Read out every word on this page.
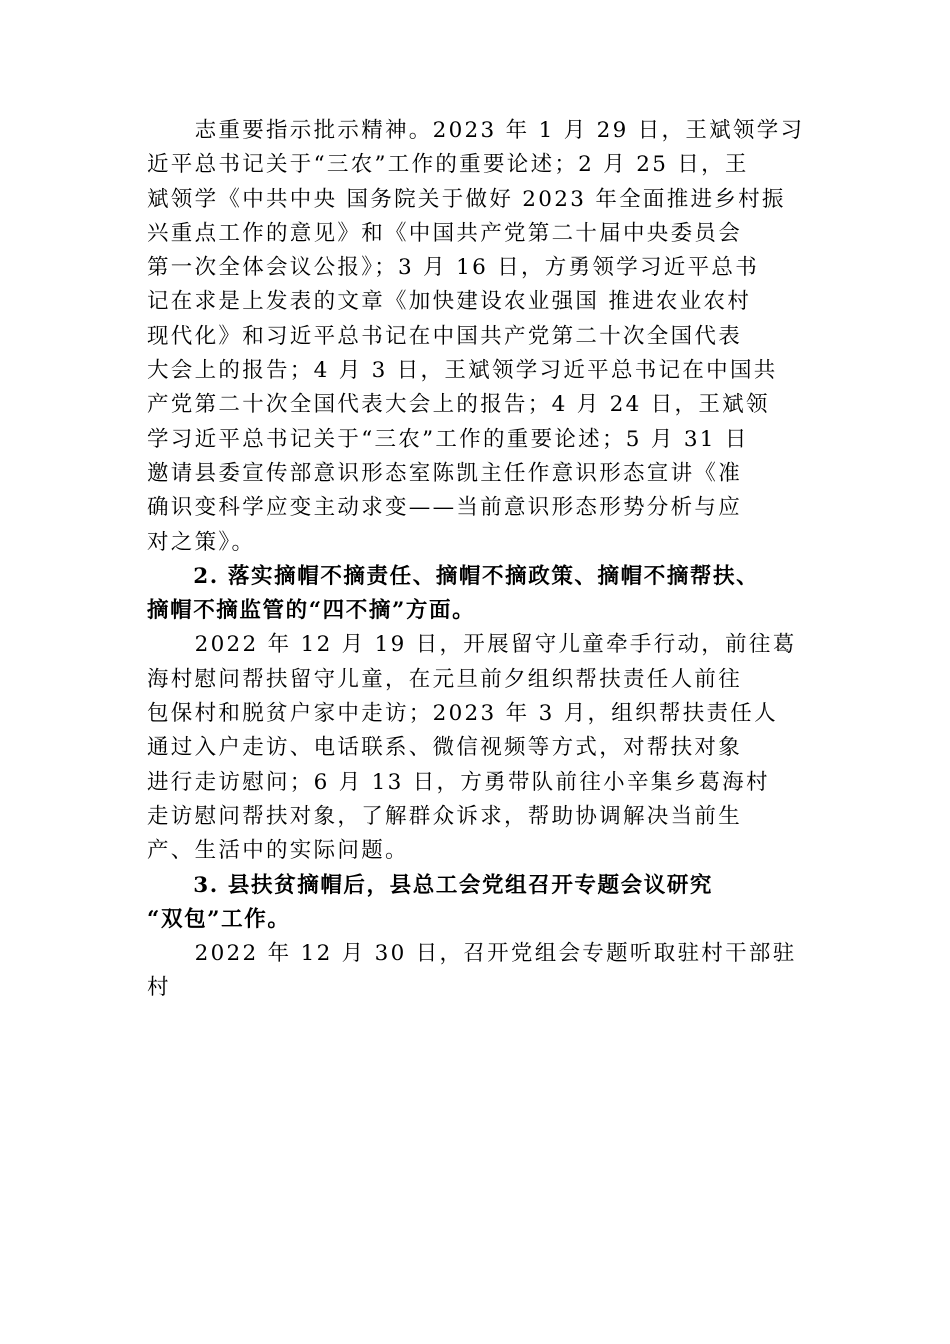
　　志重要指示批示精神。2023 年 1 月 29 日，王斌领学习
近平总书记关于“三农”工作的重要论述；2 月 25 日，王
斌领学《中共中央 国务院关于做好 2023 年全面推进乡村振
兴重点工作的意见》和《中国共产党第二十届中央委员会
第一次全体会议公报》；3 月 16 日，方勇领学习近平总书
记在求是上发表的文章《加快建设农业强国 推进农业农村
现代化》和习近平总书记在中国共产党第二十次全国代表
大会上的报告；4 月 3 日，王斌领学习近平总书记在中国共
产党第二十次全国代表大会上的报告；4 月 24 日，王斌领
学习近平总书记关于“三农”工作的重要论述；5 月 31 日
邀请县委宣传部意识形态室陈凯主任作意识形态宣讲《准
确识变科学应变主动求变——当前意识形态形势分析与应
对之策》。

　　2. 落实摘帽不摘责任、摘帽不摘政策、摘帽不摘帮扶、
摘帽不摘监管的“四不摘”方面。

　　2022 年 12 月 19 日，开展留守儿童牵手行动，前往葛
海村慰问帮扶留守儿童，在元旦前夕组织帮扶责任人前往
包保村和脱贫户家中走访；2023 年 3 月，组织帮扶责任人
通过入户走访、电话联系、微信视频等方式，对帮扶对象
进行走访慰问；6 月 13 日，方勇带队前往小辛集乡葛海村
走访慰问帮扶对象，了解群众诉求，帮助协调解决当前生
产、生活中的实际问题。

　　3. 县扶贫摘帽后，县总工会党组召开专题会议研究
“双包”工作。

　　2022 年 12 月 30 日，召开党组会专题听取驻村干部驻
村
